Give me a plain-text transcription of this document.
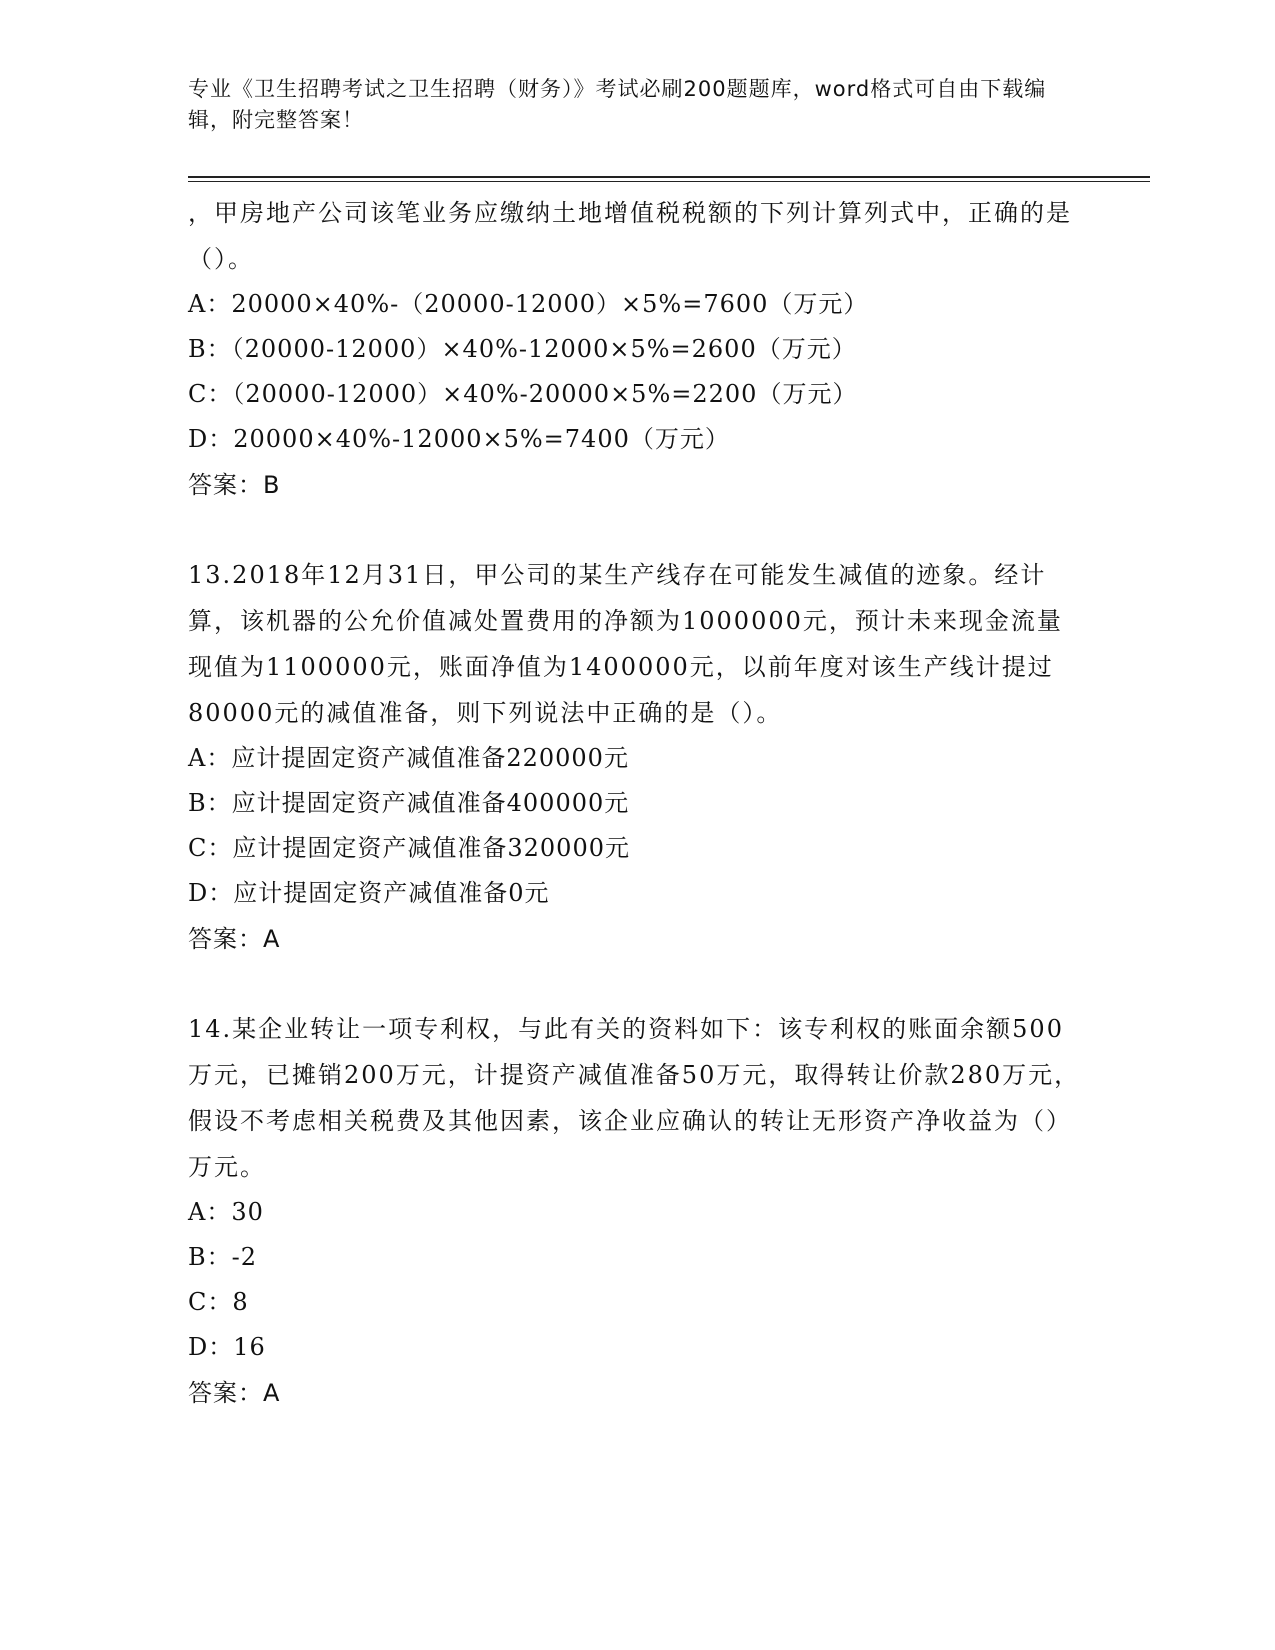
专业《卫生招聘考试之卫生招聘（财务）》考试必刷200题题库，word格式可自由下载编辑，附完整答案！

，甲房地产公司该笔业务应缴纳土地增值税税额的下列计算列式中，正确的是（）。

A：20000×40%-（20000-12000）×5%=7600（万元）

B：（20000-12000）×40%-12000×5%=2600（万元）

C：（20000-12000）×40%-20000×5%=2200（万元）

D：20000×40%-12000×5%=7400（万元）

答案：B

13.2018年12月31日，甲公司的某生产线存在可能发生减值的迹象。经计算，该机器的公允价值减处置费用的净额为1000000元，预计未来现金流量现值为1100000元，账面净值为1400000元，以前年度对该生产线计提过80000元的减值准备，则下列说法中正确的是（）。

A：应计提固定资产减值准备220000元

B：应计提固定资产减值准备400000元

C：应计提固定资产减值准备320000元

D：应计提固定资产减值准备0元

答案：A

14.某企业转让一项专利权，与此有关的资料如下：该专利权的账面余额500万元，已摊销200万元，计提资产减值准备50万元，取得转让价款280万元，假设不考虑相关税费及其他因素，该企业应确认的转让无形资产净收益为（）万元。

A：30

B：-2

C：8

D：16

答案：A
